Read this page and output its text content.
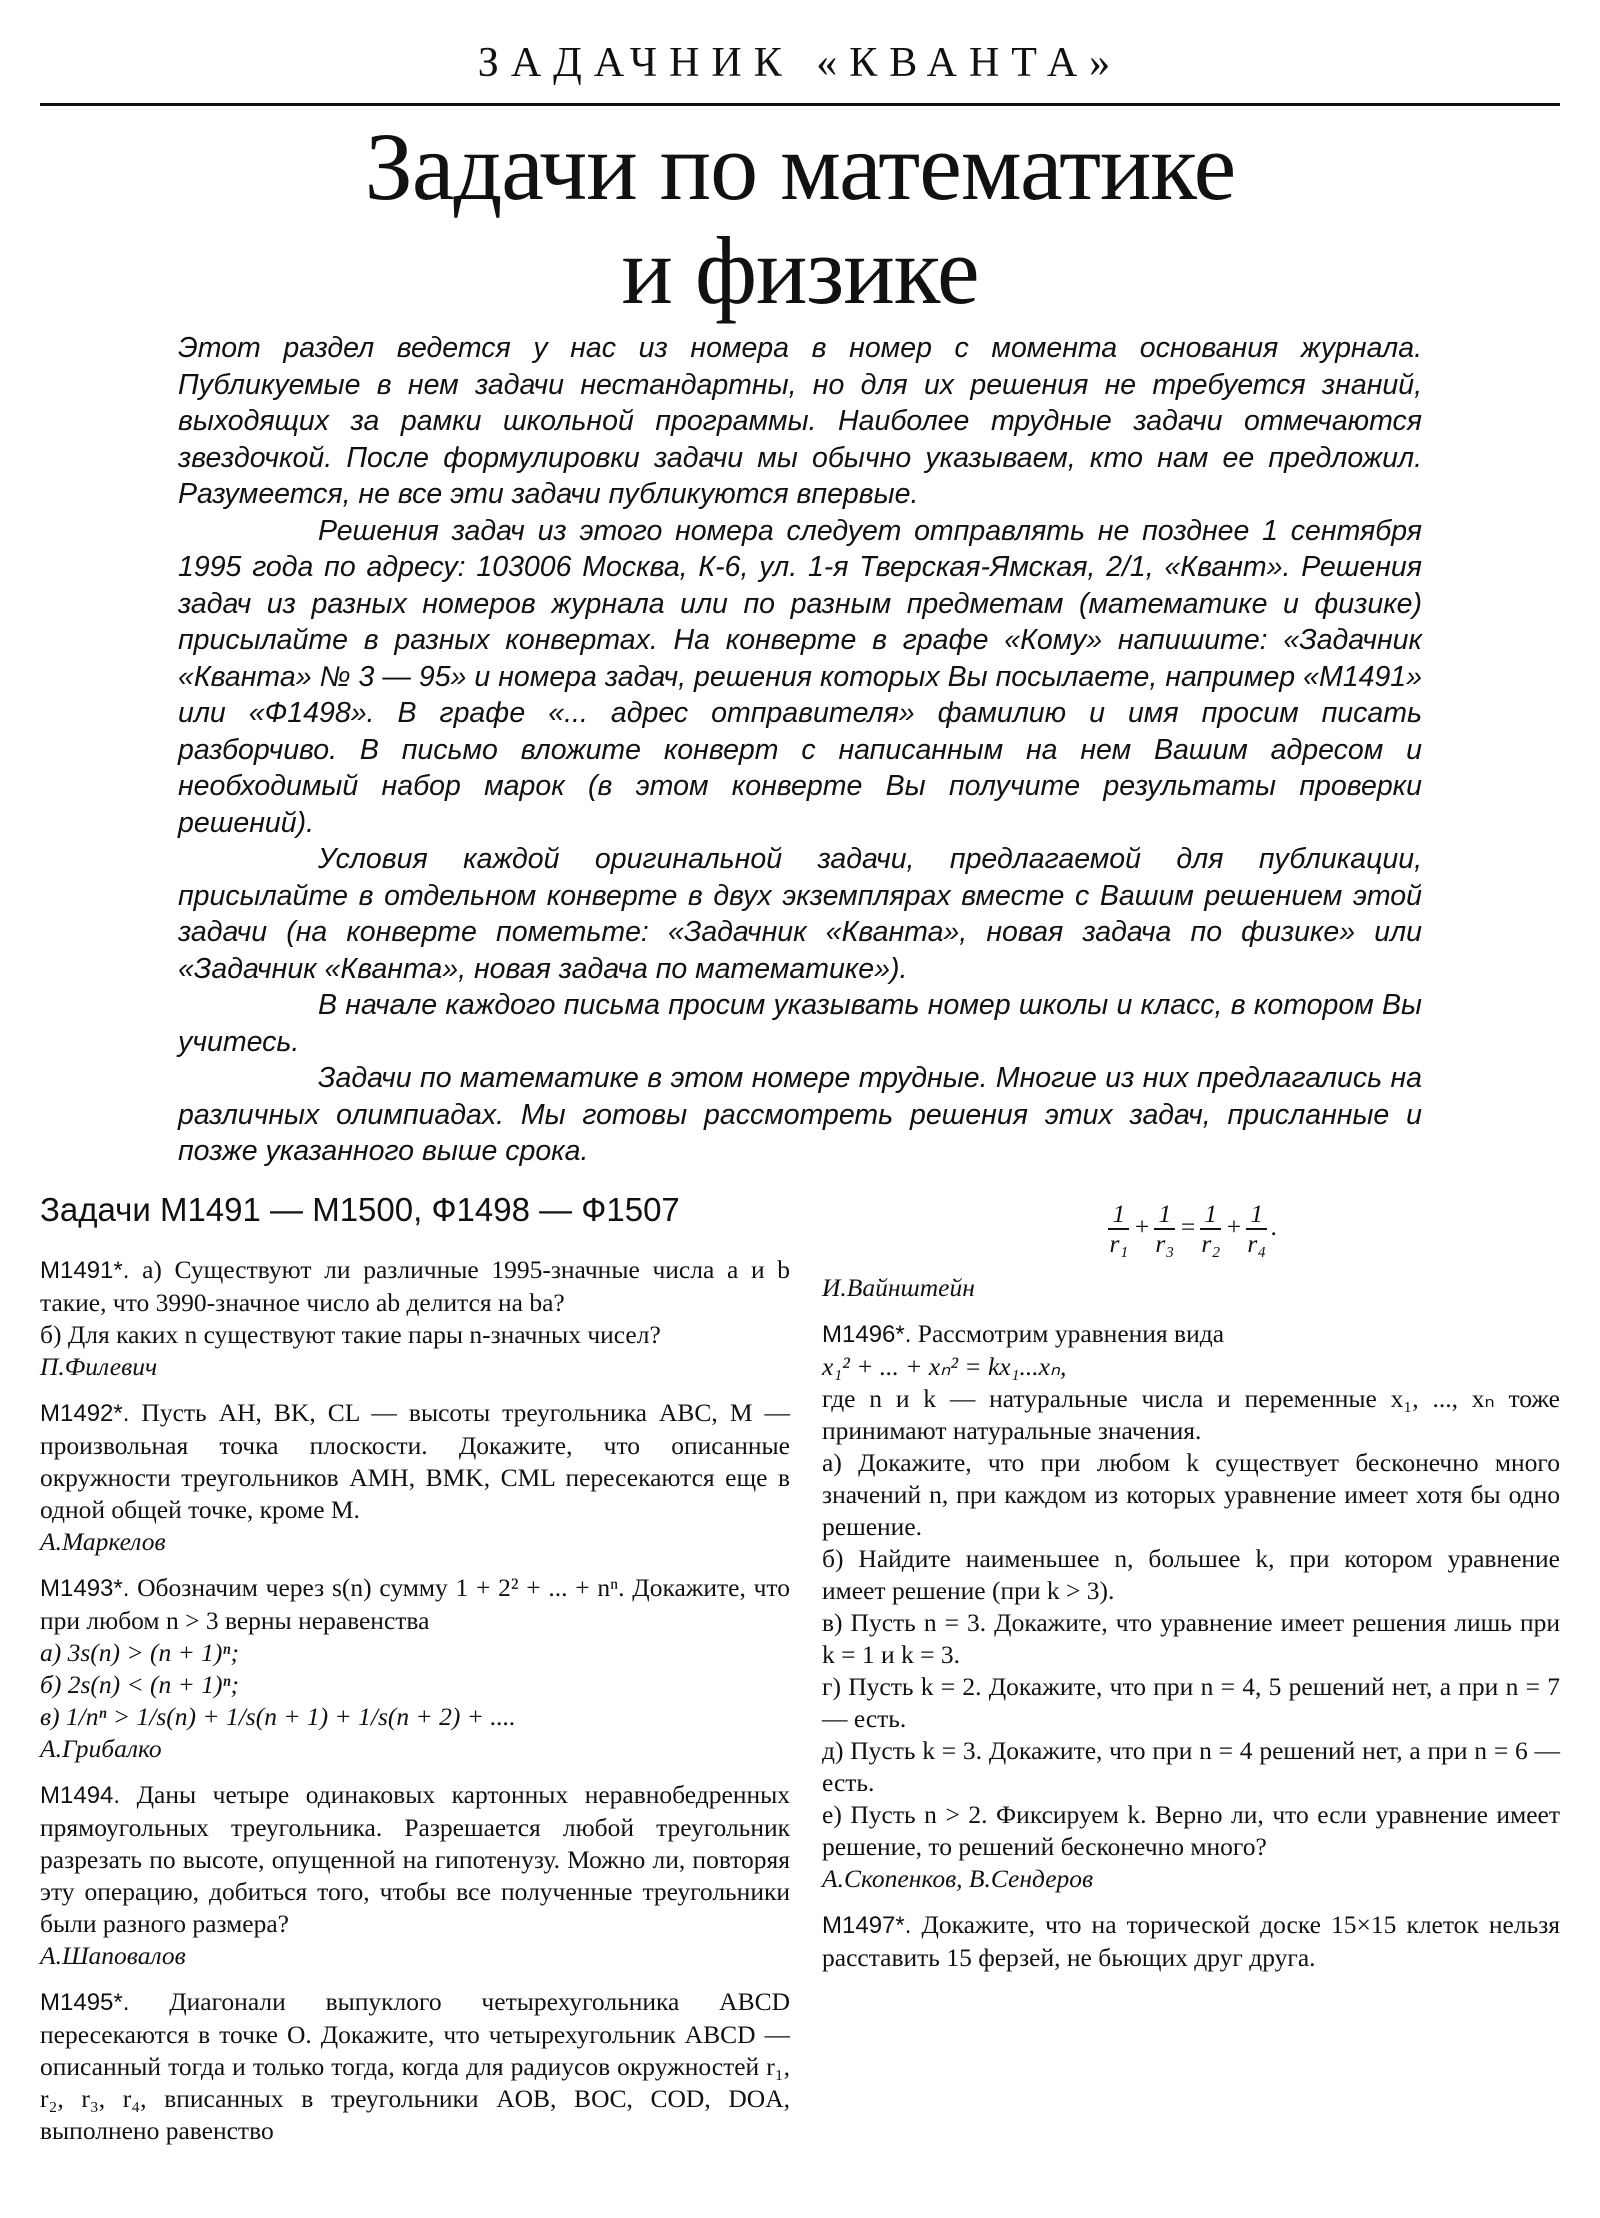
ЗАДАЧНИК «КВАНТА»
Задачи по математике
и физике

Этот раздел ведется у нас из номера в номер с момента основания журнала. Публикуемые в нем задачи нестандартны, но для их решения не требуется знаний, выходящих за рамки школьной программы. Наиболее трудные задачи отмечаются звездочкой. После формулировки задачи мы обычно указываем, кто нам ее предложил. Разумеется, не все эти задачи публикуются впервые.

Решения задач из этого номера следует отправлять не позднее 1 сентября 1995 года по адресу: 103006 Москва, К-6, ул. 1-я Тверская-Ямская, 2/1, «Квант». Решения задач из разных номеров журнала или по разным предметам (математике и физике) присылайте в разных конвертах. На конверте в графе «Кому» напишите: «Задачник «Кванта» № 3 — 95» и номера задач, решения которых Вы посылаете, например «М1491» или «Ф1498». В графе «... адрес отправителя» фамилию и имя просим писать разборчиво. В письмо вложите конверт с написанным на нем Вашим адресом и необходимый набор марок (в этом конверте Вы получите результаты проверки решений).

Условия каждой оригинальной задачи, предлагаемой для публикации, присылайте в отдельном конверте в двух экземплярах вместе с Вашим решением этой задачи (на конверте пометьте: «Задачник «Кванта», новая задача по физике» или «Задачник «Кванта», новая задача по математике»).

В начале каждого письма просим указывать номер школы и класс, в котором Вы учитесь.

Задачи по математике в этом номере трудные. Многие из них предлагались на различных олимпиадах. Мы готовы рассмотреть решения этих задач, присланные и позже указанного выше срока.

Задачи М1491 — М1500, Ф1498 — Ф1507

М1491*. а) Существуют ли различные 1995-значные числа a и b такие, что 3990-значное число ab делится на ba?

б) Для каких n существуют такие пары n-значных чисел?

П.Филевич

М1492*. Пусть AH, BK, CL — высоты треугольника ABC, M — произвольная точка плоскости. Докажите, что описанные окружности треугольников AMH, BMK, CML пересекаются еще в одной общей точке, кроме M.

А.Маркелов

М1493*. Обозначим через s(n) сумму 1 + 2² + ... + nⁿ. Докажите, что при любом n > 3 верны неравенства

а) 3s(n) > (n + 1)ⁿ;

б) 2s(n) < (n + 1)ⁿ;

в) 1/nⁿ > 1/s(n) + 1/s(n + 1) + 1/s(n + 2) + ....

А.Грибалко

М1494. Даны четыре одинаковых картонных неравнобедренных прямоугольных треугольника. Разрешается любой треугольник разрезать по высоте, опущенной на гипотенузу. Можно ли, повторяя эту операцию, добиться того, чтобы все полученные треугольники были разного размера?

А.Шаповалов

М1495*. Диагонали выпуклого четырехугольника ABCD пересекаются в точке O. Докажите, что четырехугольник ABCD — описанный тогда и только тогда, когда для радиусов окружностей r₁, r₂, r₃, r₄, вписанных в треугольники AOB, BOC, COD, DOA, выполнено равенство

$\frac{1}{\text{r₁}} + \frac{1}{\text{r₃}} = \frac{1}{\text{r₂}} + \frac{1}{\text{r₄}}$ .

И.Вайнштейн

М1496*. Рассмотрим уравнения вида

x₁² + ... + xₙ² = kx₁...xₙ,

где n и k — натуральные числа и переменные x₁, ..., xₙ тоже принимают натуральные значения.

а) Докажите, что при любом k существует бесконечно много значений n, при каждом из которых уравнение имеет хотя бы одно решение.

б) Найдите наименьшее n, большее k, при котором уравнение имеет решение (при k > 3).

в) Пусть n = 3. Докажите, что уравнение имеет решения лишь при k = 1 и k = 3.

г) Пусть k = 2. Докажите, что при n = 4, 5 решений нет, а при n = 7 — есть.

д) Пусть k = 3. Докажите, что при n = 4 решений нет, а при n = 6 — есть.

е) Пусть n > 2. Фиксируем k. Верно ли, что если уравнение имеет решение, то решений бесконечно много?

А.Скопенков, В.Сендеров

М1497*. Докажите, что на торической доске 15×15 клеток нельзя расставить 15 ферзей, не бьющих друг друга.
